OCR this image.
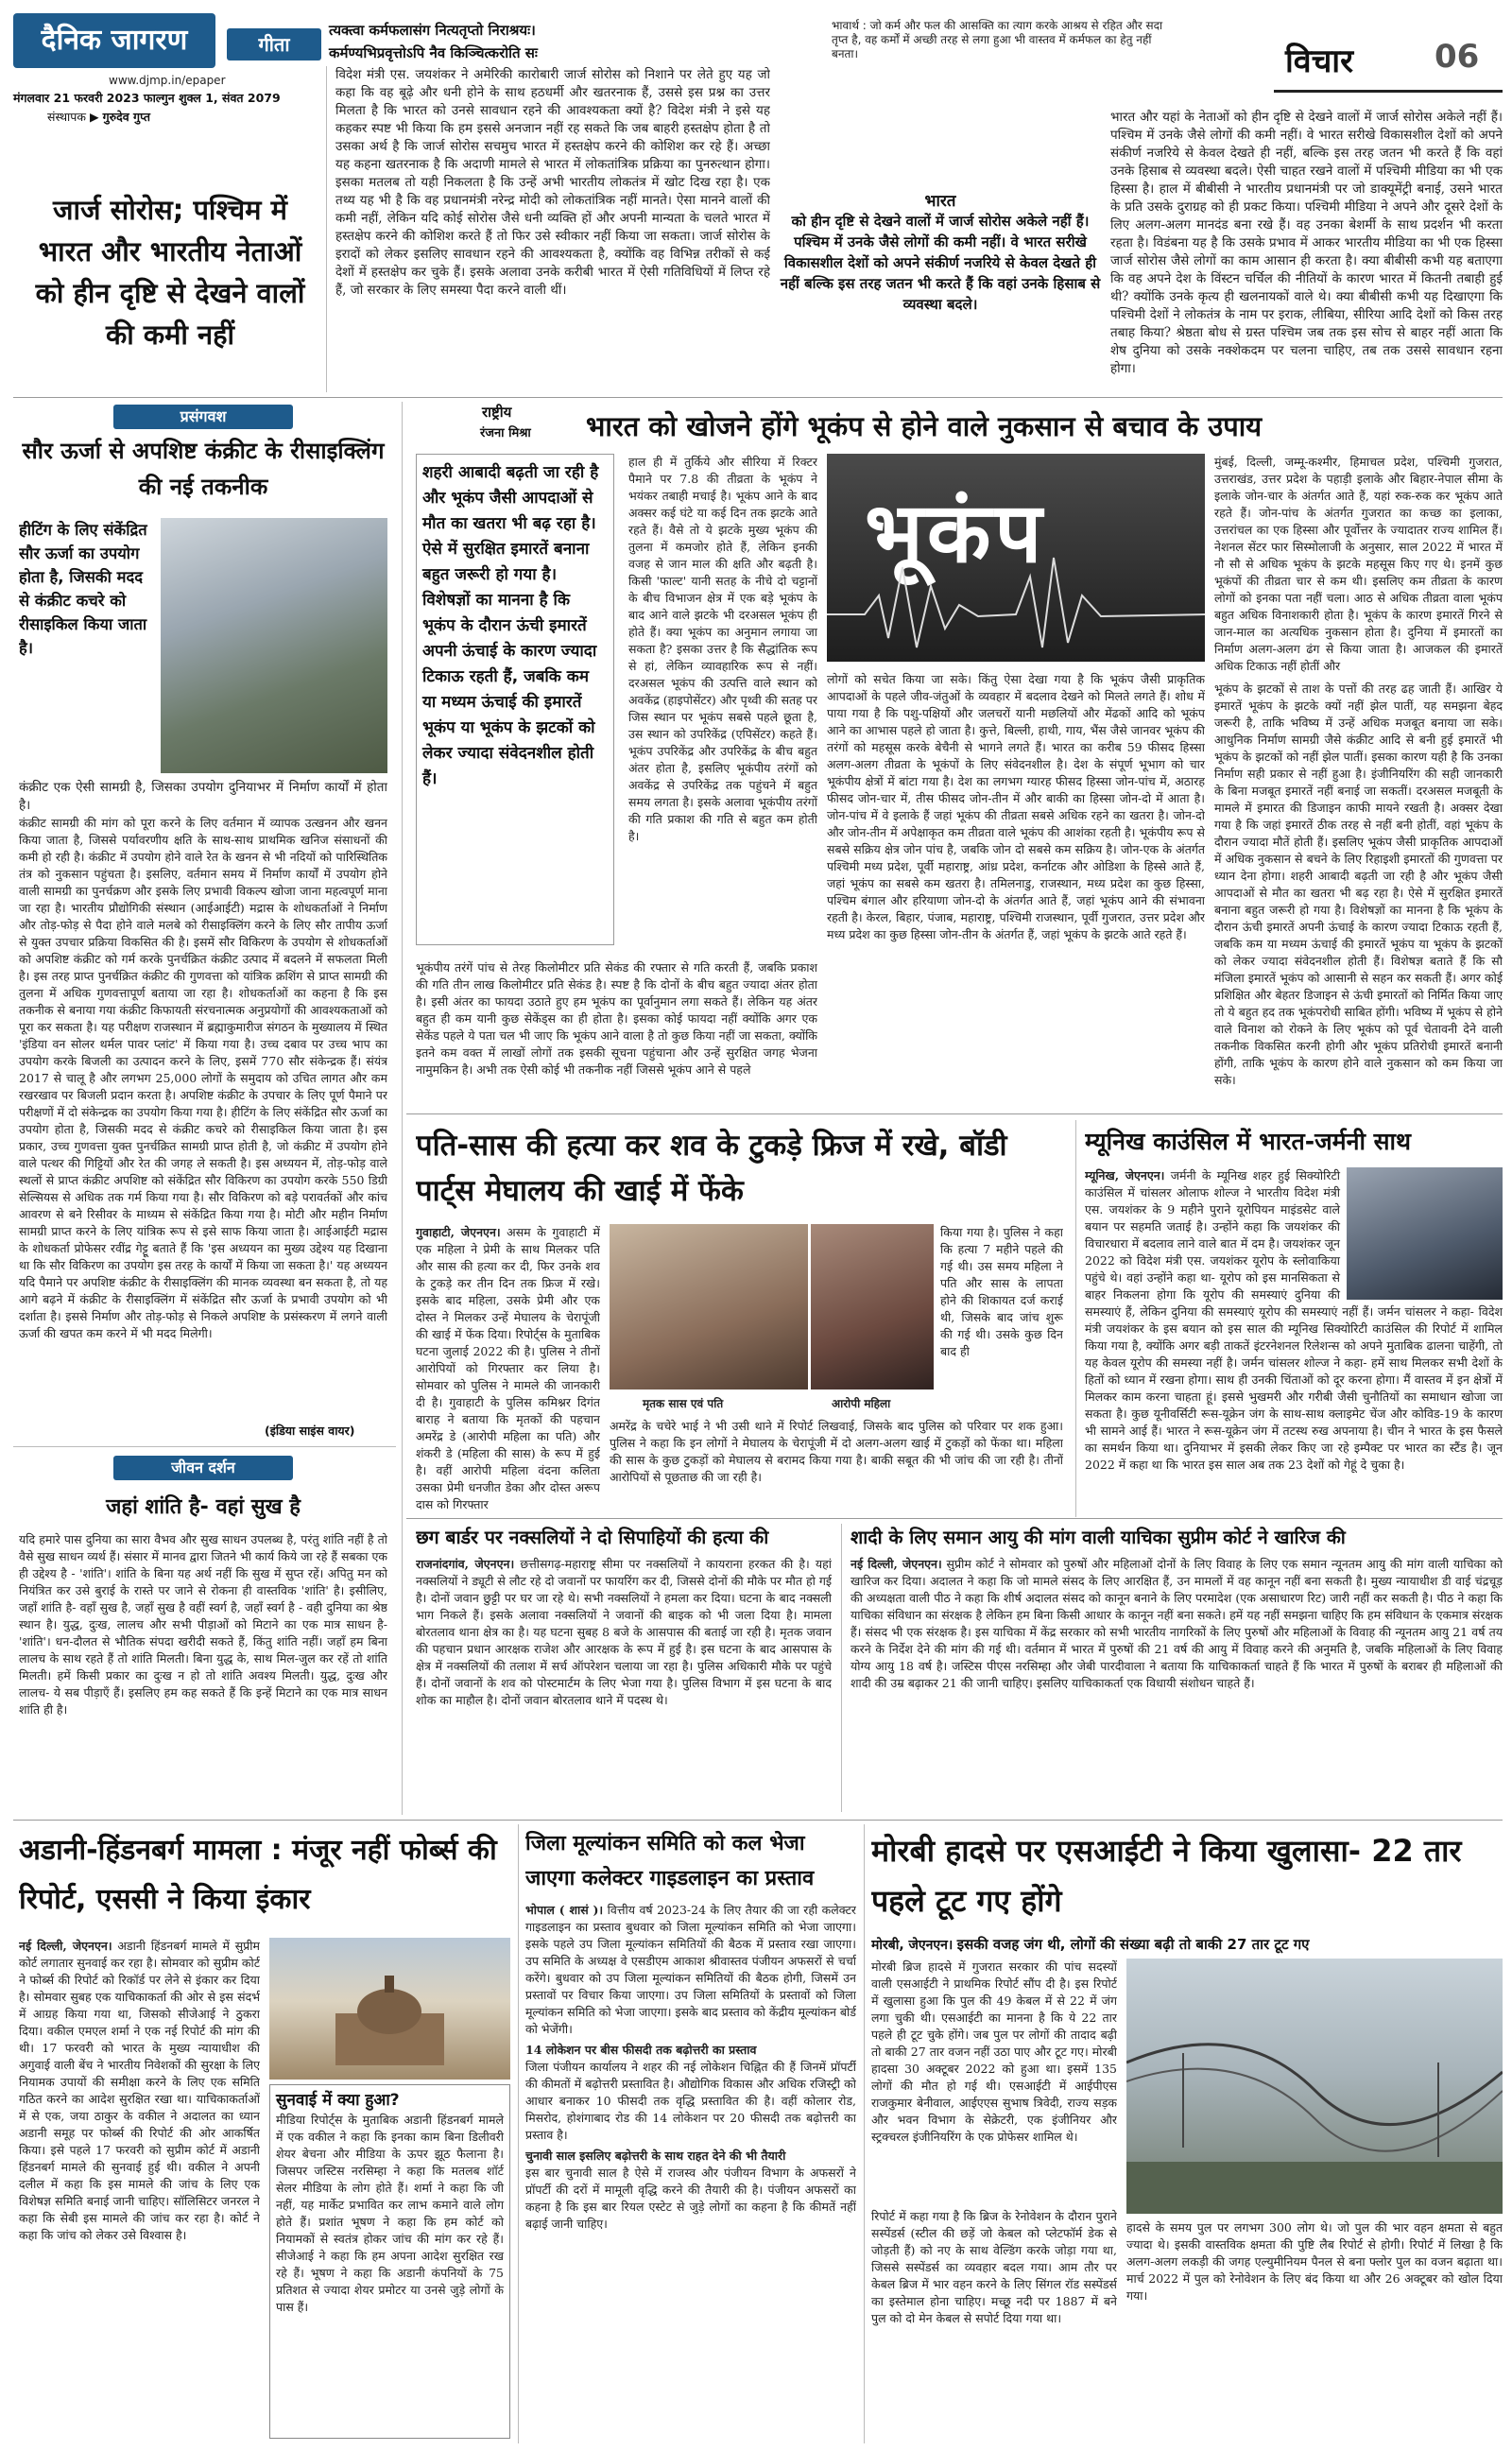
दैनिक जागरण
www.djmp.in/epaper
मंगलवार 21 फरवरी 2023 फाल्गुन शुक्ल 1, संवत 2079
संस्थापक ▶ गुरुदेव गुप्त
गीता
त्यक्त्वा कर्मफलासंग नित्यतृप्तो निराश्रयः।
कर्मण्यभिप्रवृत्तोऽपि नैव किञ्चित्करोति सः
भावार्थ : जो कर्म और फल की आसक्ति का त्याग करके आश्रय से रहित और सदा तृप्त है, वह कर्मों में अच्छी तरह से लगा हुआ भी वास्तव में कर्मफल का हेतु नहीं बनता।	विचार	06
जार्ज सोरोस; पश्चिम में भारत और भारतीय नेताओं को हीन दृष्टि से देखने वालों की कमी नहीं
विदेश मंत्री एस. जयशंकर ने अमेरिकी कारोबारी जार्ज सोरोस को निशाने पर लेते हुए यह जो कहा कि वह बूढ़े और धनी होने के साथ हठधर्मी और खतरनाक हैं, उससे इस प्रश्न का उत्तर मिलता है कि भारत को उनसे सावधान रहने की आवश्यकता क्यों है? विदेश मंत्री ने इसे यह कहकर स्पष्ट भी किया कि हम इससे अनजान नहीं रह सकते कि जब बाहरी हस्तक्षेप होता है तो उसका अर्थ है कि जार्ज सोरोस सचमुच भारत में हस्तक्षेप करने की कोशिश कर रहे हैं। अच्छा यह कहना खतरनाक है कि अदाणी मामले से भारत में लोकतांत्रिक प्रक्रिया का पुनरुत्थान होगा। इसका मतलब तो यही निकलता है कि उन्हें अभी भारतीय लोकतंत्र में खोट दिख रहा है। एक तथ्य यह भी है कि वह प्रधानमंत्री नरेन्द्र मोदी को लोकतांत्रिक नहीं मानते। ऐसा मानने वालों की कमी नहीं, लेकिन यदि कोई सोरोस जैसे धनी व्यक्ति हों और अपनी मान्यता के चलते भारत में हस्तक्षेप करने की कोशिश करते हैं तो फिर उसे स्वीकार नहीं किया जा सकता। जार्ज सोरोस के इरादों को लेकर इसलिए सावधान रहने की आवश्यकता है, क्योंकि वह विभिन्न तरीकों से कई देशों में हस्तक्षेप कर चुके हैं। इसके अलावा उनके करीबी भारत में ऐसी गतिविधियों में लिप्त रहे हैं, जो सरकार के लिए समस्या पैदा करने वाली थीं।
भारत
को हीन दृष्टि से देखने वालों में जार्ज सोरोस अकेले नहीं हैं। पश्चिम में उनके जैसे लोगों की कमी नहीं। वे भारत सरीखे विकासशील देशों को अपने संकीर्ण नजरिये से केवल देखते ही नहीं बल्कि इस तरह जतन भी करते हैं कि वहां उनके हिसाब से व्यवस्था बदले।
भारत और यहां के नेताओं को हीन दृष्टि से देखने वालों में जार्ज सोरोस अकेले नहीं हैं। पश्चिम में उनके जैसे लोगों की कमी नहीं। वे भारत सरीखे विकासशील देशों को अपने संकीर्ण नजरिये से केवल देखते ही नहीं, बल्कि इस तरह जतन भी करते हैं कि वहां उनके हिसाब से व्यवस्था बदले। ऐसी चाहत रखने वालों में पश्चिमी मीडिया का भी एक हिस्सा है। हाल में बीबीसी ने भारतीय प्रधानमंत्री पर जो डाक्यूमेंट्री बनाई, उसने भारत के प्रति उसके दुराग्रह को ही प्रकट किया। पश्चिमी मीडिया ने अपने और दूसरे देशों के लिए अलग-अलग मानदंड बना रखे हैं। वह उनका बेशर्मी के साथ प्रदर्शन भी करता रहता है। विडंबना यह है कि उसके प्रभाव में आकर भारतीय मीडिया का भी एक हिस्सा जार्ज सोरोस जैसे लोगों का काम आसान ही करता है। क्या बीबीसी कभी यह बताएगा कि वह अपने देश के विंस्टन चर्चिल की नीतियों के कारण भारत में कितनी तबाही हुई थी? क्योंकि उनके कृत्य ही खलनायकों वाले थे। क्या बीबीसी कभी यह दिखाएगा कि पश्चिमी देशों ने लोकतंत्र के नाम पर इराक, लीबिया, सीरिया आदि देशों को किस तरह तबाह किया? श्रेष्ठता बोध से ग्रस्त पश्चिम जब तक इस सोच से बाहर नहीं आता कि शेष दुनिया को उसके नक्शेकदम पर चलना चाहिए, तब तक उससे सावधान रहना होगा।
प्रसंगवश
सौर ऊर्जा से अपशिष्ट कंक्रीट के रीसाइक्लिंग की नई तकनीक
हीटिंग के लिए संकेंद्रित सौर ऊर्जा का उपयोग होता है, जिसकी मदद से कंक्रीट कचरे को रीसाइकिल किया जाता है।
कंक्रीट एक ऐसी सामग्री है, जिसका उपयोग दुनियाभर में निर्माण कार्यों में होता है।
कंक्रीट सामग्री की मांग को पूरा करने के लिए वर्तमान में व्यापक उत्खनन और खनन किया जाता है, जिससे पर्यावरणीय क्षति के साथ-साथ प्राथमिक खनिज संसाधनों की कमी हो रही है। कंक्रीट में उपयोग होने वाले रेत के खनन से भी नदियों को पारिस्थितिक तंत्र को नुकसान पहुंचता है। इसलिए, वर्तमान समय में निर्माण कार्यों में उपयोग होने वाली सामग्री का पुनर्चक्रण और इसके लिए प्रभावी विकल्प खोजा जाना महत्वपूर्ण माना जा रहा है। भारतीय प्रौद्योगिकी संस्थान (आईआईटी) मद्रास के शोधकर्ताओं ने निर्माण और तोड़-फोड़ से पैदा होने वाले मलबे को रीसाइक्लिंग करने के लिए सौर तापीय ऊर्जा से युक्त उपचार प्रक्रिया विकसित की है। इसमें सौर विकिरण के उपयोग से शोधकर्ताओं को अपशिष्ट कंक्रीट को गर्म करके पुनर्चक्रित कंक्रीट उत्पाद में बदलने में सफलता मिली है। इस तरह प्राप्त पुनर्चक्रित कंक्रीट की गुणवत्ता को यांत्रिक क्रशिंग से प्राप्त सामग्री की तुलना में अधिक गुणवत्तापूर्ण बताया जा रहा है। शोधकर्ताओं का कहना है कि इस तकनीक से बनाया गया कंक्रीट किफायती संरचनात्मक अनुप्रयोगों की आवश्यकताओं को पूरा कर सकता है। यह परीक्षण राजस्थान में ब्रह्माकुमारीज संगठन के मुख्यालय में स्थित 'इंडिया वन सोलर थर्मल पावर प्लांट' में किया गया है। उच्च दबाव पर उच्च भाप का उपयोग करके बिजली का उत्पादन करने के लिए, इसमें 770 सौर संकेन्द्रक हैं। संयंत्र 2017 से चालू है और लगभग 25,000 लोगों के समुदाय को उचित लागत और कम रखरखाव पर बिजली प्रदान करता है। अपशिष्ट कंक्रीट के उपचार के लिए पूर्ण पैमाने पर परीक्षणों में दो संकेन्द्रक का उपयोग किया गया है। हीटिंग के लिए संकेंद्रित सौर ऊर्जा का उपयोग होता है, जिसकी मदद से कंक्रीट कचरे को रीसाइकिल किया जाता है। इस प्रकार, उच्च गुणवत्ता युक्त पुनर्चक्रित सामग्री प्राप्त होती है, जो कंक्रीट में उपयोग होने वाले पत्थर की गिट्टियों और रेत की जगह ले सकती है। इस अध्ययन में, तोड़-फोड़ वाले स्थलों से प्राप्त कंक्रीट अपशिष्ट को संकेंद्रित सौर विकिरण का उपयोग करके 550 डिग्री सेल्सियस से अधिक तक गर्म किया गया है। सौर विकिरण को बड़े परावर्तकों और कांच आवरण से बने रिसीवर के माध्यम से संकेंद्रित किया गया है। मोटी और महीन निर्माण सामग्री प्राप्त करने के लिए यांत्रिक रूप से इसे साफ किया जाता है। आईआईटी मद्रास के शोधकर्ता प्रोफेसर रवींद्र गेट्टू बताते हैं कि 'इस अध्ययन का मुख्य उद्देश्य यह दिखाना था कि सौर विकिरण का उपयोग इस तरह के कार्यों में किया जा सकता है।' यह अध्ययन यदि पैमाने पर अपशिष्ट कंक्रीट के रीसाइक्लिंग की मानक व्यवस्था बन सकता है, तो यह आगे बढ़ने में कंक्रीट के रीसाइक्लिंग में संकेंद्रित सौर ऊर्जा के प्रभावी उपयोग को भी दर्शाता है। इससे निर्माण और तोड़-फोड़ से निकले अपशिष्ट के प्रसंस्करण में लगने वाली ऊर्जा की खपत कम करने में भी मदद मिलेगी।
(इंडिया साइंस वायर)
जीवन दर्शन
जहां शांति है- वहां सुख है
यदि हमारे पास दुनिया का सारा वैभव और सुख साधन उपलब्ध है, परंतु शांति नहीं है तो वैसे सुख साधन व्यर्थ हैं। संसार में मानव द्वारा जितने भी कार्य किये जा रहे हैं सबका एक ही उद्देश्य है - 'शांति'। शांति के बिना यह अर्थ नहीं कि सुख में सुप्त रहें। अपितु मन को नियंत्रित कर उसे बुराई के रास्ते पर जाने से रोकना ही वास्तविक 'शांति' है। इसीलिए, जहाँ शांति है- वहाँ सुख है, जहाँ सुख है वहीं स्वर्ग है, जहाँ स्वर्ग है - वही दुनिया का श्रेष्ठ स्थान है। युद्ध, दुःख, लालच और सभी पीड़ाओं को मिटाने का एक मात्र साधन है- 'शांति'। धन-दौलत से भौतिक संपदा खरीदी सकते हैं, किंतु शांति नहीं। जहाँ हम बिना लालच के साथ रहते हैं तो शांति मिलती। बिना युद्ध के, साथ मिल-जुल कर रहें तो शांति मिलती। हमें किसी प्रकार का दुःख न हो तो शांति अवश्य मिलती। युद्ध, दुःख और लालच- ये सब पीड़ाएँ हैं। इसलिए हम कह सकते हैं कि इन्हें मिटाने का एक मात्र साधन शांति ही है।
राष्ट्रीय
रंजना मिश्रा भारत को खोजने होंगे भूकंप से होने वाले नुकसान से बचाव के उपाय
शहरी आबादी बढ़ती जा रही है और भूकंप जैसी आपदाओं से मौत का खतरा भी बढ़ रहा है। ऐसे में सुरक्षित इमारतें बनाना बहुत जरूरी हो गया है। विशेषज्ञों का मानना है कि भूकंप के दौरान ऊंची इमारतें अपनी ऊंचाई के कारण ज्यादा टिकाऊ रहती हैं, जबकि कम या मध्यम ऊंचाई की इमारतें भूकंप या भूकंप के झटकों को लेकर ज्यादा संवेदनशील होती हैं।
हाल ही में तुर्किये और सीरिया में रिक्टर पैमाने पर 7.8 की तीव्रता के भूकंप ने भयंकर तबाही मचाई है। भूकंप आने के बाद अक्सर कई घंटे या कई दिन तक झटके आते रहते हैं। वैसे तो ये झटके मुख्य भूकंप की तुलना में कमजोर होते हैं, लेकिन इनकी वजह से जान माल की क्षति और बढ़ती है। किसी 'फाल्ट' यानी सतह के नीचे दो चट्टानों के बीच विभाजन क्षेत्र में एक बड़े भूकंप के बाद आने वाले झटके भी दरअसल भूकंप ही होते हैं। क्या भूकंप का अनुमान लगाया जा सकता है? इसका उत्तर है कि सैद्धांतिक रूप से हां, लेकिन व्यावहारिक रूप से नहीं। दरअसल भूकंप की उत्पत्ति वाले स्थान को अवकेंद्र (हाइपोसेंटर) और पृथ्वी की सतह पर जिस स्थान पर भूकंप सबसे पहले छूता है, उस स्थान को उपरिकेंद्र (एपिसेंटर) कहते हैं। भूकंप उपरिकेंद्र और उपरिकेंद्र के बीच बहुत अंतर होता है, इसलिए भूकंपीय तरंगों को अवकेंद्र से उपरिकेंद्र तक पहुंचने में बहुत समय लगता है। इसके अलावा भूकंपीय तरंगों की गति प्रकाश की गति से बहुत कम होती है।
भूकंप
मुंबई, दिल्ली, जम्मू-कश्मीर, हिमाचल प्रदेश, पश्चिमी गुजरात, उत्तराखंड, उत्तर प्रदेश के पहाड़ी इलाके और बिहार-नेपाल सीमा के इलाके जोन-चार के अंतर्गत आते हैं, यहां रुक-रुक कर भूकंप आते रहते हैं। जोन-पांच के अंतर्गत गुजरात का कच्छ का इलाका, उत्तरांचल का एक हिस्सा और पूर्वोत्तर के ज्यादातर राज्य शामिल हैं। नेशनल सेंटर फार सिस्मोलाजी के अनुसार, साल 2022 में भारत में नौ सौ से अधिक भूकंप के झटके महसूस किए गए थे। इनमें कुछ भूकंपों की तीव्रता चार से कम थी। इसलिए कम तीव्रता के कारण लोगों को इनका पता नहीं चला। आठ से अधिक तीव्रता वाला भूकंप बहुत अधिक विनाशकारी होता है। भूकंप के कारण इमारतें गिरने से जान-माल का अत्यधिक नुकसान होता है। दुनिया में इमारतों का निर्माण अलग-अलग ढंग से किया जाता है। आजकल की इमारतें अधिक टिकाऊ नहीं होतीं और
लोगों को सचेत किया जा सके। किंतु ऐसा देखा गया है कि भूकंप जैसी प्राकृतिक आपदाओं के पहले जीव-जंतुओं के व्यवहार में बदलाव देखने को मिलते लगते हैं। शोध में पाया गया है कि पशु-पक्षियों और जलचरों यानी मछलियों और मेंढकों आदि को भूकंप आने का आभास पहले हो जाता है। कुत्ते, बिल्ली, हाथी, गाय, भैंस जैसे जानवर भूकंप की तरंगों को महसूस करके बेचैनी से भागने लगते हैं। भारत का करीब 59 फीसद हिस्सा अलग-अलग तीव्रता के भूकंपों के लिए संवेदनशील है। देश के संपूर्ण भूभाग को चार भूकंपीय क्षेत्रों में बांटा गया है। देश का लगभग ग्यारह फीसद हिस्सा जोन-पांच में, अठारह फीसद जोन-चार में, तीस फीसद जोन-तीन में और बाकी का हिस्सा जोन-दो में आता है। जोन-पांच में वे इलाके हैं जहां भूकंप की तीव्रता सबसे अधिक रहने का खतरा है। जोन-दो और जोन-तीन में अपेक्षाकृत कम तीव्रता वाले भूकंप की आशंका रहती है। भूकंपीय रूप से सबसे सक्रिय क्षेत्र जोन पांच है, जबकि जोन दो सबसे कम सक्रिय है। जोन-एक के अंतर्गत पश्चिमी मध्य प्रदेश, पूर्वी महाराष्ट्र, आंध्र प्रदेश, कर्नाटक और ओडिशा के हिस्से आते हैं, जहां भूकंप का सबसे कम खतरा है। तमिलनाडु, राजस्थान, मध्य प्रदेश का कुछ हिस्सा, पश्चिम बंगाल और हरियाणा जोन-दो के अंतर्गत आते हैं, जहां भूकंप आने की संभावना रहती है। केरल, बिहार, पंजाब, महाराष्ट्र, पश्चिमी राजस्थान, पूर्वी गुजरात, उत्तर प्रदेश और मध्य प्रदेश का कुछ हिस्सा जोन-तीन के अंतर्गत हैं, जहां भूकंप के झटके आते रहते हैं।
भूकंप के झटकों से ताश के पत्तों की तरह ढह जाती हैं। आखिर ये इमारतें भूकंप के झटके क्यों नहीं झेल पातीं, यह समझना बेहद जरूरी है, ताकि भविष्य में उन्हें अधिक मजबूत बनाया जा सके। आधुनिक निर्माण सामग्री जैसे कंक्रीट आदि से बनी हुई इमारतें भी भूकंप के झटकों को नहीं झेल पातीं। इसका कारण यही है कि उनका निर्माण सही प्रकार से नहीं हुआ है। इंजीनियरिंग की सही जानकारी के बिना मजबूत इमारतें नहीं बनाई जा सकतीं। दरअसल मजबूती के मामले में इमारत की डिजाइन काफी मायने रखती है। अक्सर देखा गया है कि जहां इमारतें ठीक तरह से नहीं बनी होतीं, वहां भूकंप के दौरान ज्यादा मौतें होती हैं। इसलिए भूकंप जैसी प्राकृतिक आपदाओं में अधिक नुकसान से बचने के लिए रिहाइशी इमारतों की गुणवत्ता पर ध्यान देना होगा। शहरी आबादी बढ़ती जा रही है और भूकंप जैसी आपदाओं से मौत का खतरा भी बढ़ रहा है। ऐसे में सुरक्षित इमारतें बनाना बहुत जरूरी हो गया है। विशेषज्ञों का मानना है कि भूकंप के दौरान ऊंची इमारतें अपनी ऊंचाई के कारण ज्यादा टिकाऊ रहती हैं, जबकि कम या मध्यम ऊंचाई की इमारतें भूकंप या भूकंप के झटकों को लेकर ज्यादा संवेदनशील होती हैं। विशेषज्ञ बताते हैं कि सौ मंजिला इमारतें भूकंप को आसानी से सहन कर सकती हैं। अगर कोई प्रशिक्षित और बेहतर डिजाइन से ऊंची इमारतों को निर्मित किया जाए तो ये बहुत हद तक भूकंपरोधी साबित होंगी। भविष्य में भूकंप से होने वाले विनाश को रोकने के लिए भूकंप को पूर्व चेतावनी देने वाली तकनीक विकसित करनी होगी और भूकंप प्रतिरोधी इमारतें बनानी होंगी, ताकि भूकंप के कारण होने वाले नुकसान को कम किया जा सके।
भूकंपीय तरंगें पांच से तेरह किलोमीटर प्रति सेकंड की रफ्तार से गति करती हैं, जबकि प्रकाश की गति तीन लाख किलोमीटर प्रति सेकंड है। स्पष्ट है कि दोनों के बीच बहुत ज्यादा अंतर होता है। इसी अंतर का फायदा उठाते हुए हम भूकंप का पूर्वानुमान लगा सकते हैं। लेकिन यह अंतर बहुत ही कम यानी कुछ सेकेंड्स का ही होता है। इसका कोई फायदा नहीं क्योंकि अगर एक सेकेंड पहले ये पता चल भी जाए कि भूकंप आने वाला है तो कुछ किया नहीं जा सकता, क्योंकि इतने कम वक्त में लाखों लोगों तक इसकी सूचना पहुंचाना और उन्हें सुरक्षित जगह भेजना नामुमकिन है। अभी तक ऐसी कोई भी तकनीक नहीं जिससे भूकंप आने से पहले
पति-सास की हत्या कर शव के टुकड़े फ्रिज में रखे, बॉडी पार्ट्स मेघालय की खाई में फेंके
गुवाहाटी, जेएनएन। असम के गुवाहाटी में एक महिला ने प्रेमी के साथ मिलकर पति और सास की हत्या कर दी, फिर उनके शव के टुकड़े कर तीन दिन तक फ्रिज में रखे। इसके बाद महिला, उसके प्रेमी और एक दोस्त ने मिलकर उन्हें मेघालय के चेरापूंजी की खाई में फेंक दिया। रिपोर्ट्स के मुताबिक घटना जुलाई 2022 की है। पुलिस ने तीनों आरोपियों को गिरफ्तार कर लिया है। सोमवार को पुलिस ने मामले की जानकारी दी है। गुवाहाटी के पुलिस कमिश्नर दिगंत बाराह ने बताया कि मृतकों की पहचान अमरेंद्र डे (आरोपी महिला का पति) और शंकरी डे (महिला की सास) के रूप में हुई है। वहीं आरोपी महिला वंदना कलिता उसका प्रेमी धनजीत डेका और दोस्त अरूप दास को गिरफ्तार
मृतक सास एवं पति	आरोपी महिला
किया गया है। पुलिस ने कहा कि हत्या 7 महीने पहले की गई थी। उस समय महिला ने पति और सास के लापता होने की शिकायत दर्ज कराई थी, जिसके बाद जांच शुरू की गई थी। उसके कुछ दिन बाद ही
अमरेंद्र के चचेरे भाई ने भी उसी थाने में रिपोर्ट लिखवाई, जिसके बाद पुलिस को परिवार पर शक हुआ। पुलिस ने कहा कि इन लोगों ने मेघालय के चेरापूंजी में दो अलग-अलग खाई में टुकड़ों को फेंका था। महिला की सास के कुछ टुकड़ों को मेघालय से बरामद किया गया है। बाकी सबूत की भी जांच की जा रही है। तीनों आरोपियों से पूछताछ की जा रही है।
म्यूनिख काउंसिल में भारत-जर्मनी साथ
म्यूनिख, जेएनएन। जर्मनी के म्यूनिख शहर हुई सिक्योरिटी काउंसिल में चांसलर ओलाफ शोल्ज ने भारतीय विदेश मंत्री एस. जयशंकर के 9 महीने पुराने यूरोपियन माइंडसेट वाले बयान पर सहमति जताई है। उन्होंने कहा कि जयशंकर की विचारधारा में बदलाव लाने वाले बात में दम है। जयशंकर जून 2022 को विदेश मंत्री एस. जयशंकर यूरोप के स्लोवाकिया पहुंचे थे। वहां उन्होंने कहा था- यूरोप को इस मानसिकता से बाहर निकलना होगा कि यूरोप की समस्याएं दुनिया की समस्याएं हैं, लेकिन दुनिया की समस्याएं यूरोप की समस्याएं नहीं हैं। जर्मन चांसलर ने कहा- विदेश मंत्री जयशंकर के इस बयान को इस साल की म्यूनिख सिक्योरिटी काउंसिल की रिपोर्ट में शामिल किया गया है, क्योंकि अगर बड़ी ताकतें इंटरनेशनल रिलेशन्स को अपने मुताबिक ढालना चाहेंगी, तो यह केवल यूरोप की समस्या नहीं है। जर्मन चांसलर शोल्ज ने कहा- हमें साथ मिलकर सभी देशों के हितों को ध्यान में रखना होगा। साथ ही उनकी चिंताओं को दूर करना होगा। मैं वास्तव में इन क्षेत्रों में मिलकर काम करना चाहता हूं। इससे भुखमरी और गरीबी जैसी चुनौतियों का समाधान खोजा जा सकता है। कुछ यूनीवर्सिटी रूस-यूक्रेन जंग के साथ-साथ क्लाइमेट चेंज और कोविड-19 के कारण भी सामने आई हैं। भारत ने रूस-यूक्रेन जंग में तटस्थ रुख अपनाया है। चीन ने भारत के इस फैसले का समर्थन किया था। दुनियाभर में इसकी लेकर किए जा रहे इम्पैक्ट पर भारत का स्टैंड है। जून 2022 में कहा था कि भारत इस साल अब तक 23 देशों को गेहूं दे चुका है।
छग बार्डर पर नक्सलियों ने दो सिपाहियों की हत्या की
राजनांदगांव, जेएनएन। छत्तीसगढ़-महाराष्ट्र सीमा पर नक्सलियों ने कायराना हरकत की है। यहां नक्सलियों ने ड्यूटी से लौट रहे दो जवानों पर फायरिंग कर दी, जिससे दोनों की मौके पर मौत हो गई है। दोनों जवान छुट्टी पर घर जा रहे थे। सभी नक्सलियों ने हमला कर दिया। घटना के बाद नक्सली भाग निकले हैं। इसके अलावा नक्सलियों ने जवानों की बाइक को भी जला दिया है। मामला बोरतलाव थाना क्षेत्र का है। यह घटना सुबह 8 बजे के आसपास की बताई जा रही है। मृतक जवान की पहचान प्रधान आरक्षक राजेश और आरक्षक के रूप में हुई है। इस घटना के बाद आसपास के क्षेत्र में नक्सलियों की तलाश में सर्च ऑपरेशन चलाया जा रहा है। पुलिस अधिकारी मौके पर पहुंचे हैं। दोनों जवानों के शव को पोस्टमार्टम के लिए भेजा गया है। पुलिस विभाग में इस घटना के बाद शोक का माहौल है। दोनों जवान बोरतलाव थाने में पदस्थ थे।
शादी के लिए समान आयु की मांग वाली याचिका सुप्रीम कोर्ट ने खारिज की
नई दिल्ली, जेएनएन। सुप्रीम कोर्ट ने सोमवार को पुरुषों और महिलाओं दोनों के लिए विवाह के लिए एक समान न्यूनतम आयु की मांग वाली याचिका को खारिज कर दिया। अदालत ने कहा कि जो मामले संसद के लिए आरक्षित हैं, उन मामलों में वह कानून नहीं बना सकती है। मुख्य न्यायाधीश डी वाई चंद्रचूड़ की अध्यक्षता वाली पीठ ने कहा कि शीर्ष अदालत संसद को कानून बनाने के लिए परमादेश (एक असाधारण रिट) जारी नहीं कर सकती है। पीठ ने कहा कि याचिका संविधान का संरक्षक है लेकिन हम बिना किसी आधार के कानून नहीं बना सकते। हमें यह नहीं समझना चाहिए कि हम संविधान के एकमात्र संरक्षक हैं। संसद भी एक संरक्षक है। इस याचिका में केंद्र सरकार को सभी भारतीय नागरिकों के लिए पुरुषों और महिलाओं के विवाह की न्यूनतम आयु 21 वर्ष तय करने के निर्देश देने की मांग की गई थी। वर्तमान में भारत में पुरुषों की 21 वर्ष की आयु में विवाह करने की अनुमति है, जबकि महिलाओं के लिए विवाह योग्य आयु 18 वर्ष है। जस्टिस पीएस नरसिम्हा और जेबी पारदीवाला ने बताया कि याचिकाकर्ता चाहते हैं कि भारत में पुरुषों के बराबर ही महिलाओं की शादी की उम्र बढ़ाकर 21 की जानी चाहिए। इसलिए याचिकाकर्ता एक विधायी संशोधन चाहते हैं।
अडानी-हिंडनबर्ग मामला : मंजूर नहीं फोर्ब्स की रिपोर्ट, एससी ने किया इंकार
नई दिल्ली, जेएनएन। अडानी हिंडनबर्ग मामले में सुप्रीम कोर्ट लगातार सुनवाई कर रहा है। सोमवार को सुप्रीम कोर्ट ने फोर्ब्स की रिपोर्ट को रिकॉर्ड पर लेने से इंकार कर दिया है। सोमवार सुबह एक याचिकाकर्ता की ओर से इस संदर्भ में आग्रह किया गया था, जिसको सीजेआई ने ठुकरा दिया। वकील एमएल शर्मा ने एक नई रिपोर्ट की मांग की थी। 17 फरवरी को भारत के मुख्य न्यायाधीश की अगुवाई वाली बेंच ने भारतीय निवेशकों की सुरक्षा के लिए नियामक उपायों की समीक्षा करने के लिए एक समिति गठित करने का आदेश सुरक्षित रखा था। याचिकाकर्ताओं में से एक, जया ठाकुर के वकील ने अदालत का ध्यान अडानी समूह पर फोर्ब्स की रिपोर्ट की ओर आकर्षित किया। इसे पहले 17 फरवरी को सुप्रीम कोर्ट में अडानी हिंडनबर्ग मामले की सुनवाई हुई थी। वकील ने अपनी दलील में कहा कि इस मामले की जांच के लिए एक विशेषज्ञ समिति बनाई जानी चाहिए। सॉलिसिटर जनरल ने कहा कि सेबी इस मामले की जांच कर रहा है। कोर्ट ने कहा कि जांच को लेकर उसे विश्वास है।
सुनवाई में क्या हुआ?
मीडिया रिपोर्ट्स के मुताबिक अडानी हिंडनबर्ग मामले में एक वकील ने कहा कि इनका काम बिना डिलीवरी शेयर बेचना और मीडिया के ऊपर झूठ फैलाना है। जिसपर जस्टिस नरसिम्हा ने कहा कि मतलब शॉर्ट सेलर मीडिया के लोग होते हैं। शर्मा ने कहा कि जी नहीं, यह मार्केट प्रभावित कर लाभ कमाने वाले लोग होते हैं। प्रशांत भूषण ने कहा कि हम कोर्ट को नियामकों से स्वतंत्र होकर जांच की मांग कर रहे हैं। सीजेआई ने कहा कि हम अपना आदेश सुरक्षित रख रहे हैं। भूषण ने कहा कि अडानी कंपनियों के 75 प्रतिशत से ज्यादा शेयर प्रमोटर या उनसे जुड़े लोगों के पास हैं।
जिला मूल्यांकन समिति को कल भेजा जाएगा कलेक्टर गाइडलाइन का प्रस्ताव
भोपाल ( शासं )। वित्तीय वर्ष 2023-24 के लिए तैयार की जा रही कलेक्टर गाइडलाइन का प्रस्ताव बुधवार को जिला मूल्यांकन समिति को भेजा जाएगा। इसके पहले उप जिला मूल्यांकन समितियों की बैठक में प्रस्ताव रखा जाएगा। उप समिति के अध्यक्ष वे एसडीएम आकाश श्रीवास्तव पंजीयन अफसरों से चर्चा करेंगे। बुधवार को उप जिला मूल्यांकन समितियों की बैठक होगी, जिसमें उन प्रस्तावों पर विचार किया जाएगा। उप जिला समितियों के प्रस्तावों को जिला मूल्यांकन समिति को भेजा जाएगा। इसके बाद प्रस्ताव को केंद्रीय मूल्यांकन बोर्ड को भेजेंगी।
14 लोकेशन पर बीस फीसदी तक बढ़ोत्तरी का प्रस्ताव
जिला पंजीयन कार्यालय ने शहर की नई लोकेशन चिह्नित की हैं जिनमें प्रॉपर्टी की कीमतों में बढ़ोत्तरी प्रस्तावित है। औद्योगिक विकास और अधिक रजिस्ट्री को आधार बनाकर 10 फीसदी तक वृद्धि प्रस्तावित की है। वहीं कोलार रोड, मिसरोद, होशंगाबाद रोड की 14 लोकेशन पर 20 फीसदी तक बढ़ोत्तरी का प्रस्ताव है।
चुनावी साल इसलिए बढ़ोत्तरी के साथ राहत देने की भी तैयारी
इस बार चुनावी साल है ऐसे में राजस्व और पंजीयन विभाग के अफसरों ने प्रॉपर्टी की दरों में मामूली वृद्धि करने की तैयारी की है। पंजीयन अफसरों का कहना है कि इस बार रियल एस्टेट से जुड़े लोगों का कहना है कि कीमतें नहीं बढ़ाई जानी चाहिए।
मोरबी हादसे पर एसआईटी ने किया खुलासा- 22 तार पहले टूट गए होंगे
मोरबी, जेएनएन। इसकी वजह जंग थी, लोगों की संख्या बढ़ी तो बाकी 27 तार टूट गए
मोरबी ब्रिज हादसे में गुजरात सरकार की पांच सदस्यों वाली एसआईटी ने प्राथमिक रिपोर्ट सौंप दी है। इस रिपोर्ट में खुलासा हुआ कि पुल की 49 केबल में से 22 में जंग लगा चुकी थी। एसआईटी का मानना है कि ये 22 तार पहले ही टूट चुके होंगे। जब पुल पर लोगों की तादाद बढ़ी तो बाकी 27 तार वजन नहीं उठा पाए और टूट गए। मोरबी हादसा 30 अक्टूबर 2022 को हुआ था। इसमें 135 लोगों की मौत हो गई थी। एसआईटी में आईपीएस राजकुमार बेनीवाल, आईएएस सुभाष त्रिवेदी, राज्य सड़क और भवन विभाग के सेक्रेटरी, एक इंजीनियर और स्ट्रक्चरल इंजीनियरिंग के एक प्रोफेसर शामिल थे।
रिपोर्ट में कहा गया है कि ब्रिज के रेनोवेशन के दौरान पुराने सस्पेंडर्स (स्टील की छड़ें जो केबल को प्लेटफॉर्म डेक से जोड़ती हैं) को नए के साथ वेल्डिंग करके जोड़ा गया था, जिससे सस्पेंडर्स का व्यवहार बदल गया। आम तौर पर केबल ब्रिज में भार वहन करने के लिए सिंगल रॉड सस्पेंडर्स का इस्तेमाल होना चाहिए। मच्छू नदी पर 1887 में बने पुल को दो मेन केबल से सपोर्ट दिया गया था।
हादसे के समय पुल पर लगभग 300 लोग थे। जो पुल की भार वहन क्षमता से बहुत ज्यादा थे। इसकी वास्तविक क्षमता की पुष्टि लैब रिपोर्ट से होगी। रिपोर्ट में लिखा है कि अलग-अलग लकड़ी की जगह एल्युमीनियम पैनल से बना फ्लोर पुल का वजन बढ़ाता था। मार्च 2022 में पुल को रेनोवेशन के लिए बंद किया था और 26 अक्टूबर को खोल दिया गया।
